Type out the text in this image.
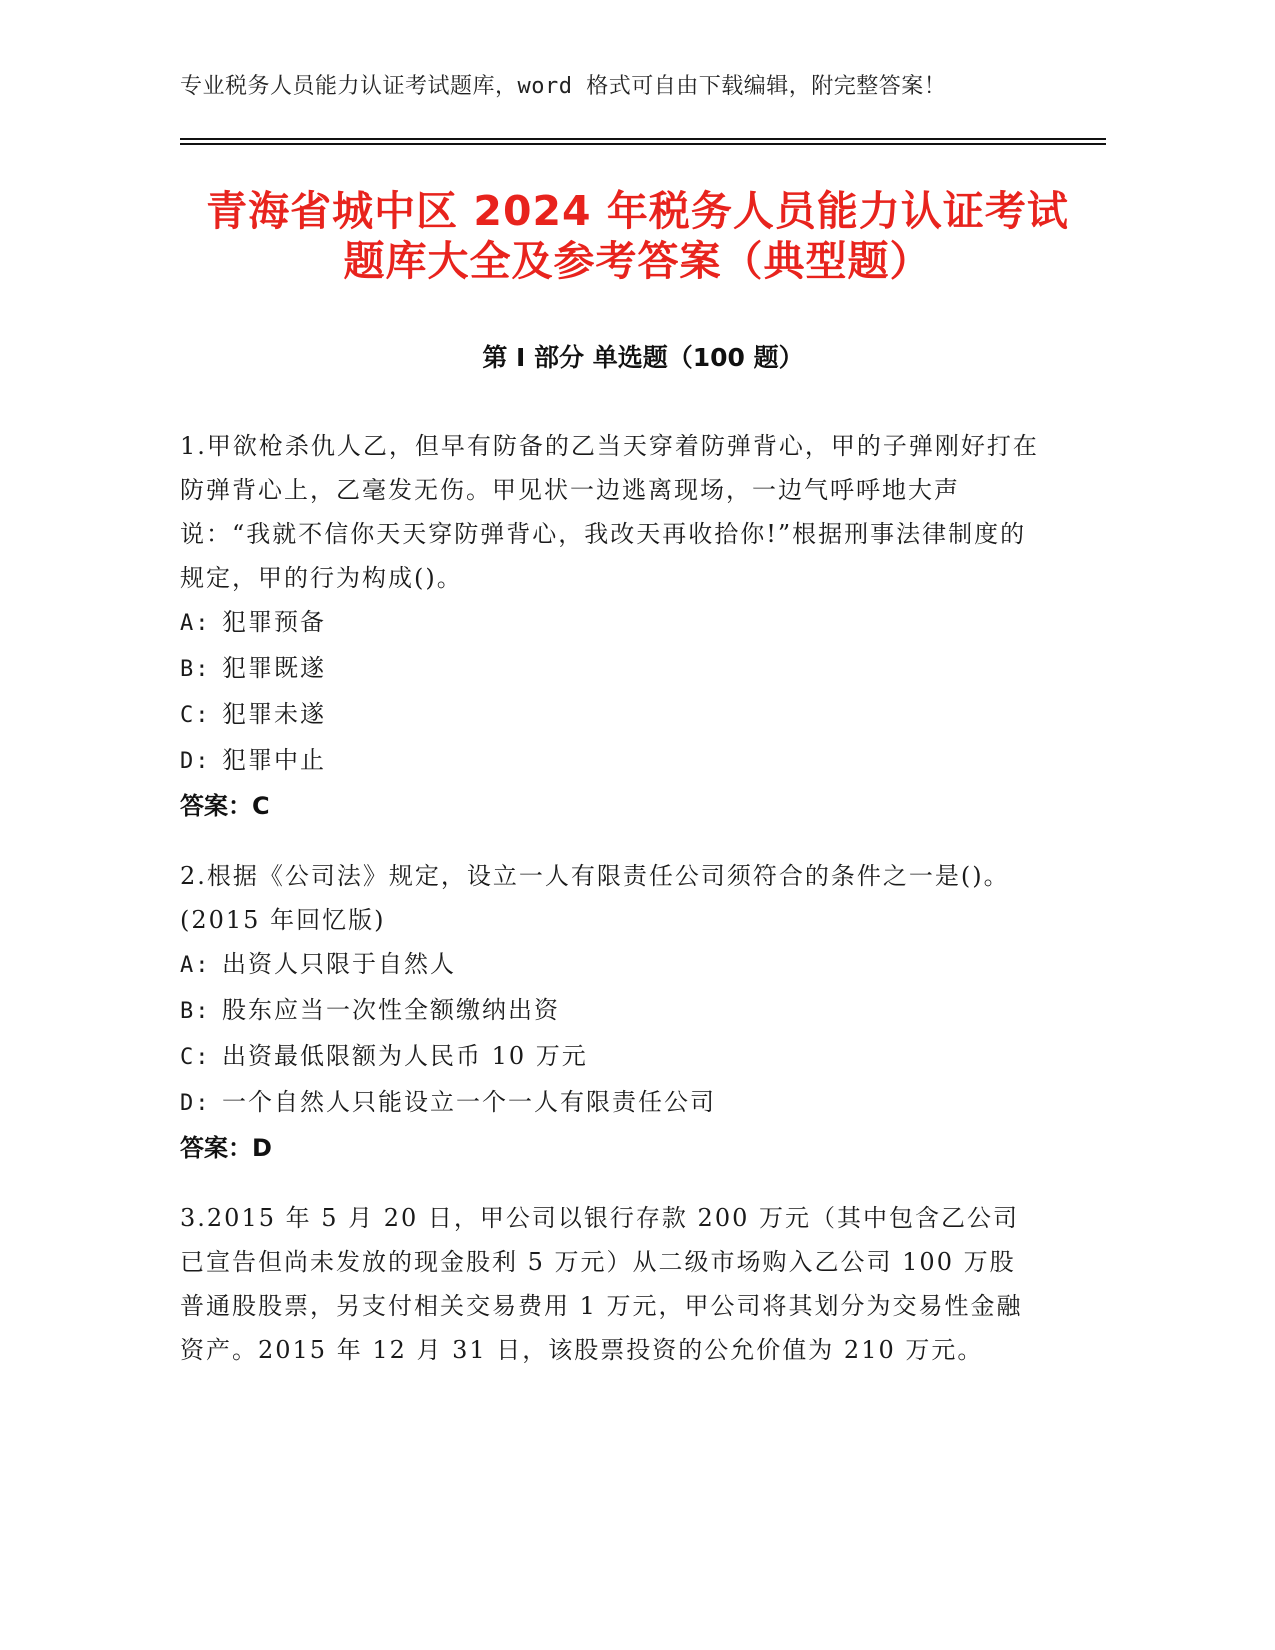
专业税务人员能力认证考试题库，word 格式可自由下载编辑，附完整答案！
青海省城中区 2024 年税务人员能力认证考试
题库大全及参考答案（典型题）
第 I 部分 单选题（100 题）

1.甲欲枪杀仇人乙，但早有防备的乙当天穿着防弹背心，甲的子弹刚好打在防弹背心上，乙毫发无伤。甲见状一边逃离现场，一边气呼呼地大声说：“我就不信你天天穿防弹背心，我改天再收拾你!”根据刑事法律制度的规定，甲的行为构成()。

A: 犯罪预备

B: 犯罪既遂

C: 犯罪未遂

D: 犯罪中止

答案：C

2.根据《公司法》规定，设立一人有限责任公司须符合的条件之一是()。(2015 年回忆版)

A: 出资人只限于自然人

B: 股东应当一次性全额缴纳出资

C: 出资最低限额为人民币 10 万元

D: 一个自然人只能设立一个一人有限责任公司

答案：D

3.2015 年 5 月 20 日，甲公司以银行存款 200 万元（其中包含乙公司已宣告但尚未发放的现金股利 5 万元）从二级市场购入乙公司 100 万股普通股股票，另支付相关交易费用 1 万元，甲公司将其划分为交易性金融资产。2015 年 12 月 31 日，该股票投资的公允价值为 210 万元。
